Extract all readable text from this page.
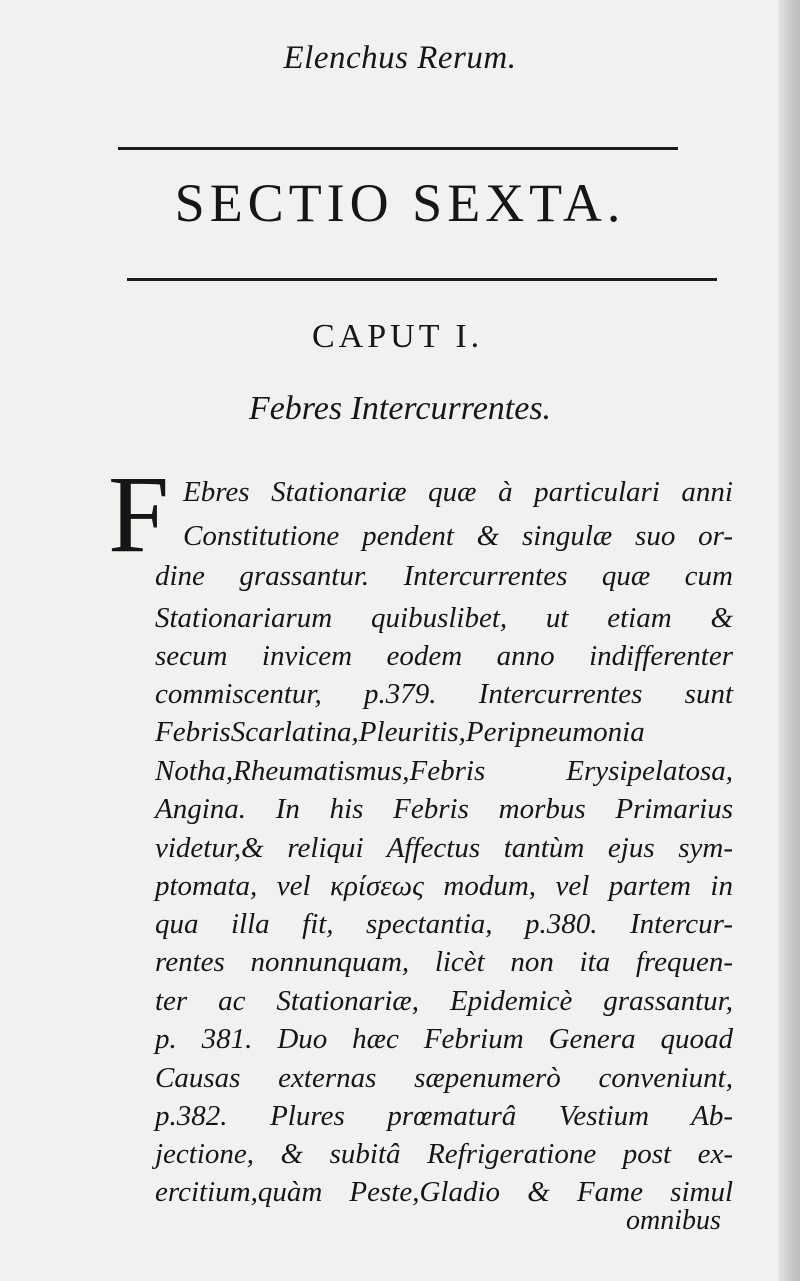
Elenchus Rerum.
SECTIO SEXTA.
CAPUT I.
Febres Intercurrentes.
F Ebres Stationariæ quæ à particulari anni
Constitutione pendent & singulæ suo or-
dine grassantur. Intercurrentes quæ cum
Stationariarum quibuslibet, ut etiam &
secum invicem eodem anno indifferenter
commiscentur, p.379. Intercurrentes sunt
FebrisScarlatina,Pleuritis,Peripneumonia
Notha,Rheumatismus,Febris Erysipelatosa,
Angina. In his Febris morbus Primarius
videtur,& reliqui Affectus tantùm ejus sym-
ptomata, vel κρίσεως modum, vel partem in
qua illa fit, spectantia, p.380. Intercur-
rentes nonnunquam, licèt non ita frequen-
ter ac Stationariæ, Epidemicè grassantur,
p. 381. Duo hæc Febrium Genera quoad
Causas externas sæpenumerò conveniunt,
p.382. Plures prœmaturâ Vestium Ab-
jectione, & subitâ Refrigeratione post ex-
ercitium,quàm Peste,Gladio & Fame simul
omnibus
